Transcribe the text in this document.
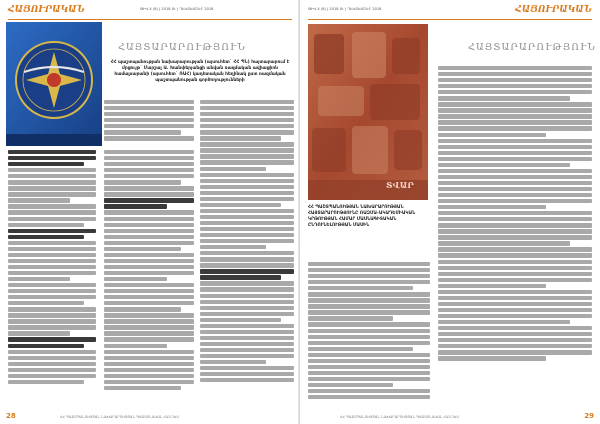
ՀԱՅՈՒՐԱԿԱՆ	ԹԻՎ 4 (8) | 2018 Թ. | ԴԵԿՏԵՄԲԵՐ 2018
ՀԱՅՏԱՐԱՐՈՒԹՅՈՒՆ
ՀՀ պաշտպանության նախարարության (այսուհետ` ՀՀ ՊՆ) հայտարարում է մրցույթ` Մարշալ Ա. Խանփերյանցի անվան ռազմական ավիացիոն համալսարանի (այսուհետ` ՌԱՀ) կադետական հեղինակ ըստ ռազմական պաշտպանության գործողությունների
ՀՀ ՊԱՇՏՊԱՆՈՒԹՅԱՆ ՆԱԽԱՐԱՐՈՒԹՅԱՆ ՊԱՇՏՈՆԱԿԱՆ ՀԱՆԴԵՍ
28
ԹԻՎ 4 (8) | 2018 Թ. | ԴԵԿՏԵՄԲԵՐ 2018	ՀԱՅՈՒՐԱԿԱՆ
ՀԱՅՏԱՐԱՐՈՒԹՅՈՒՆ
ՏՎԱՐ
ՀՀ ՊԱՇՏՊԱՆՈՒԹՅԱՆ ՆԱԽԱՐԱՐՈՒԹՅԱՆ ՀԱՅՏԱՐԱՐՈՒԹՅՈՒՆԸ ՌԱԶՄԱ-ԱԿԱԴԵՄԻԱԿԱՆ ԿՐԹՈՒԹՅԱՆ ՀԱՄԱՐ ՄԱՍՆԱԳԻՏԱԿԱՆ ԸՆԴՈՒՆԵԼՈՒԹՅԱՆ ՄԱՍԻՆ
ՀՀ ՊԱՇՏՊԱՆՈՒԹՅԱՆ ՆԱԽԱՐԱՐՈՒԹՅԱՆ ՊԱՇՏՈՆԱԿԱՆ ՀԱՆԴԵՍ	29
